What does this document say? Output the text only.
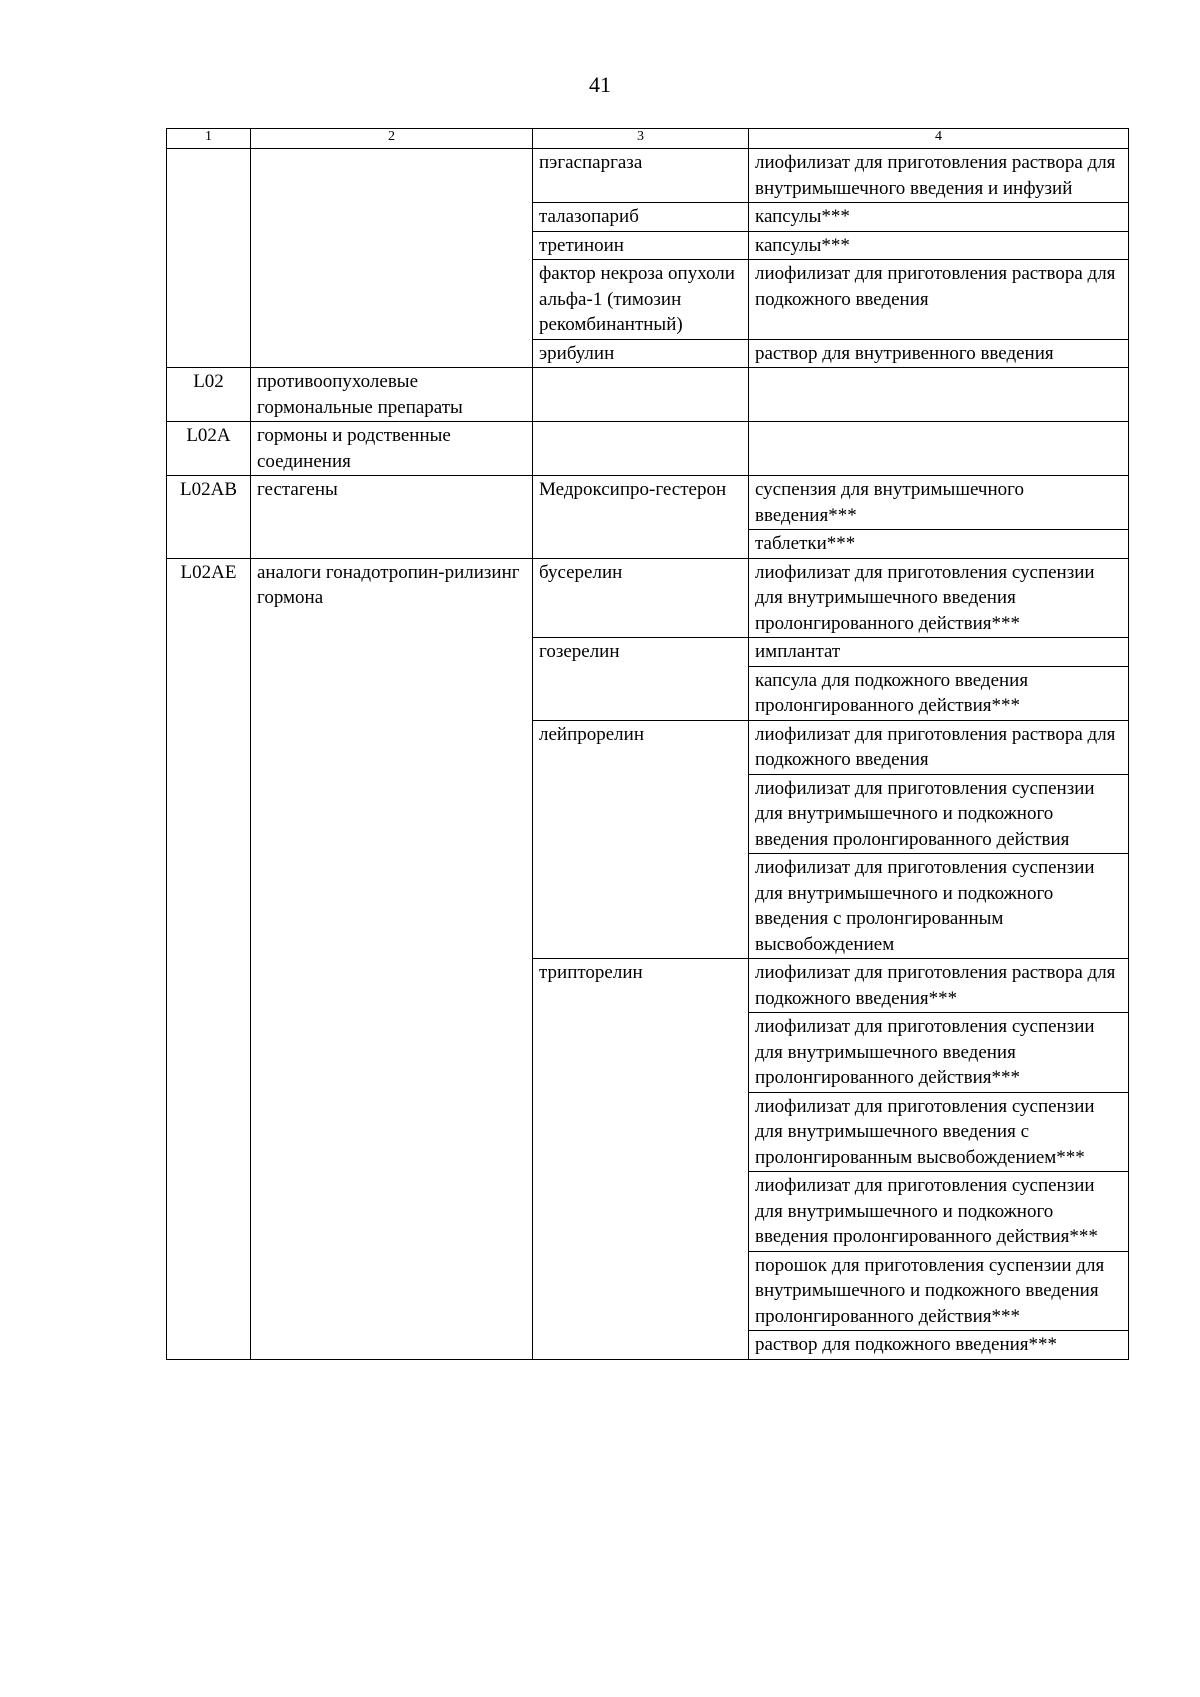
41
1	2	3	4
		пэгаспаргаза	лиофилизат для приготовления раствора для внутримышечного введения и инфузий
		талазопариб	капсулы***
		третиноин	капсулы***
		фактор некроза опухоли альфа-1 (тимозин рекомбинантный)	лиофилизат для приготовления раствора для подкожного введения
		эрибулин	раствор для внутривенного введения
L02	противоопухолевые гормональные препараты		
L02A	гормоны и родственные соединения		
L02AB	гестагены	Медроксипро-гестерон	суспензия для внутримышечного введения***
			таблетки***
L02AE	аналоги гонадотропин-рилизинг гормона	бусерелин	лиофилизат для приготовления суспензии для внутримышечного введения пролонгированного действия***
		гозерелин	имплантат
			капсула для подкожного введения пролонгированного действия***
		лейпрорелин	лиофилизат для приготовления раствора для подкожного введения
			лиофилизат для приготовления суспензии для внутримышечного и подкожного введения пролонгированного действия
			лиофилизат для приготовления суспензии для внутримышечного и подкожного введения с пролонгированным высвобождением
		трипторелин	лиофилизат для приготовления раствора для подкожного введения***
			лиофилизат для приготовления суспензии для внутримышечного введения пролонгированного действия***
			лиофилизат для приготовления суспензии для внутримышечного введения с пролонгированным высвобождением***
			лиофилизат для приготовления суспензии для внутримышечного и подкожного введения пролонгированного действия***
			порошок для приготовления суспензии для внутримышечного и подкожного введения пролонгированного действия***
			раствор для подкожного введения***
